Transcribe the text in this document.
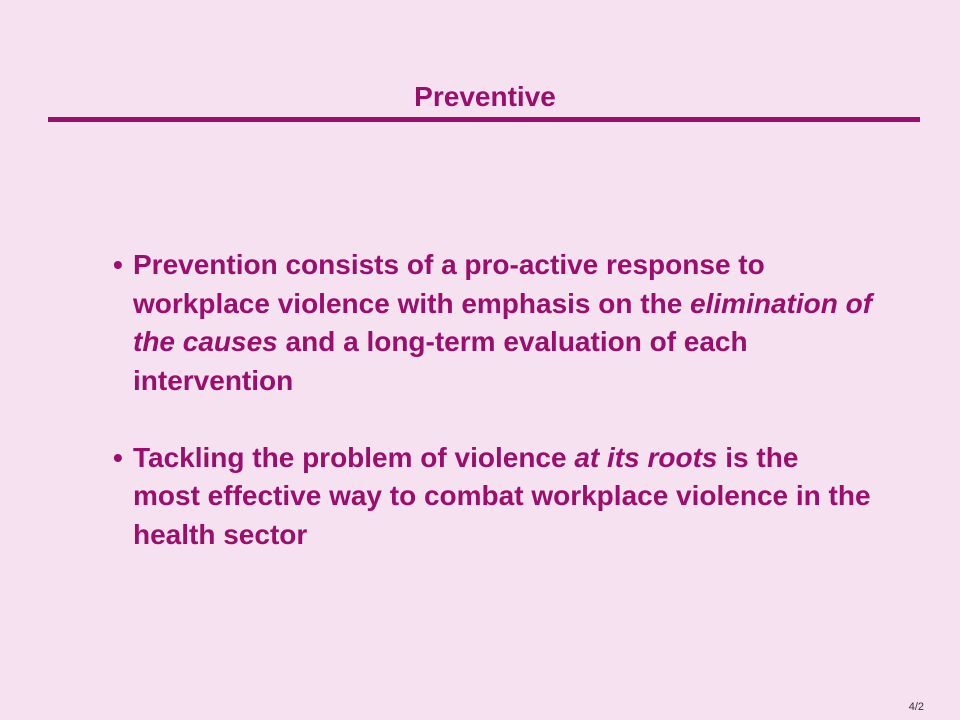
Preventive
• Prevention consists of a pro-active response to workplace violence with emphasis on the elimination of the causes and a long-term evaluation of each intervention
• Tackling the problem of violence at its roots is the most effective way to combat workplace violence in the health sector
4/2
